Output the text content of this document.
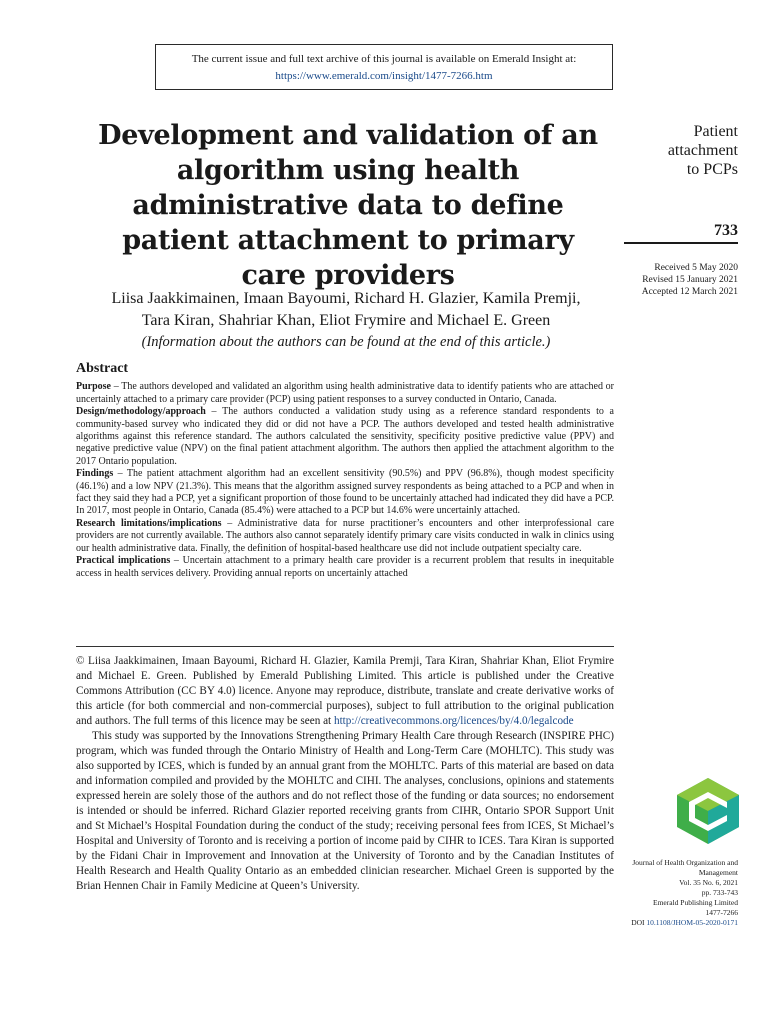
The current issue and full text archive of this journal is available on Emerald Insight at:
https://www.emerald.com/insight/1477-7266.htm
Development and validation of an algorithm using health administrative data to define patient attachment to primary care providers
Liisa Jaakkimainen, Imaan Bayoumi, Richard H. Glazier, Kamila Premji,
Tara Kiran, Shahriar Khan, Eliot Frymire and Michael E. Green
(Information about the authors can be found at the end of this article.)
Patient
attachment
to PCPs
733
Received 5 May 2020
Revised 15 January 2021
Accepted 12 March 2021
Abstract

Purpose – The authors developed and validated an algorithm using health administrative data to identify patients who are attached or uncertainly attached to a primary care provider (PCP) using patient responses to a survey conducted in Ontario, Canada.

Design/methodology/approach – The authors conducted a validation study using as a reference standard respondents to a community-based survey who indicated they did or did not have a PCP. The authors developed and tested health administrative algorithms against this reference standard. The authors calculated the sensitivity, specificity positive predictive value (PPV) and negative predictive value (NPV) on the final patient attachment algorithm. The authors then applied the attachment algorithm to the 2017 Ontario population.

Findings – The patient attachment algorithm had an excellent sensitivity (90.5%) and PPV (96.8%), though modest specificity (46.1%) and a low NPV (21.3%). This means that the algorithm assigned survey respondents as being attached to a PCP and when in fact they said they had a PCP, yet a significant proportion of those found to be uncertainly attached had indicated they did have a PCP. In 2017, most people in Ontario, Canada (85.4%) were attached to a PCP but 14.6% were uncertainly attached.

Research limitations/implications – Administrative data for nurse practitioner’s encounters and other interprofessional care providers are not currently available. The authors also cannot separately identify primary care visits conducted in walk in clinics using our health administrative data. Finally, the definition of hospital-based healthcare use did not include outpatient specialty care.

Practical implications – Uncertain attachment to a primary health care provider is a recurrent problem that results in inequitable access in health services delivery. Providing annual reports on uncertainly attached

© Liisa Jaakkimainen, Imaan Bayoumi, Richard H. Glazier, Kamila Premji, Tara Kiran, Shahriar Khan, Eliot Frymire and Michael E. Green. Published by Emerald Publishing Limited. This article is published under the Creative Commons Attribution (CC BY 4.0) licence. Anyone may reproduce, distribute, translate and create derivative works of this article (for both commercial and non-commercial purposes), subject to full attribution to the original publication and authors. The full terms of this licence may be seen at http://creativecommons.org/licences/by/4.0/legalcode

This study was supported by the Innovations Strengthening Primary Health Care through Research (INSPIRE PHC) program, which was funded through the Ontario Ministry of Health and Long-Term Care (MOHLTC). This study was also supported by ICES, which is funded by an annual grant from the MOHLTC. Parts of this material are based on data and information compiled and provided by the MOHLTC and CIHI. The analyses, conclusions, opinions and statements expressed herein are solely those of the authors and do not reflect those of the funding or data sources; no endorsement is intended or should be inferred. Richard Glazier reported receiving grants from CIHR, Ontario SPOR Support Unit and St Michael’s Hospital Foundation during the conduct of the study; receiving personal fees from ICES, St Michael’s Hospital and University of Toronto and is receiving a portion of income paid by CIHR to ICES. Tara Kiran is supported by the Fidani Chair in Improvement and Innovation at the University of Toronto and by the Canadian Institutes of Health Research and Health Quality Ontario as an embedded clinician researcher. Michael Green is supported by the Brian Hennen Chair in Family Medicine at Queen’s University.

Journal of Health Organization and
Management
Vol. 35 No. 6, 2021
pp. 733-743
Emerald Publishing Limited
1477-7266
DOI 10.1108/JHOM-05-2020-0171
